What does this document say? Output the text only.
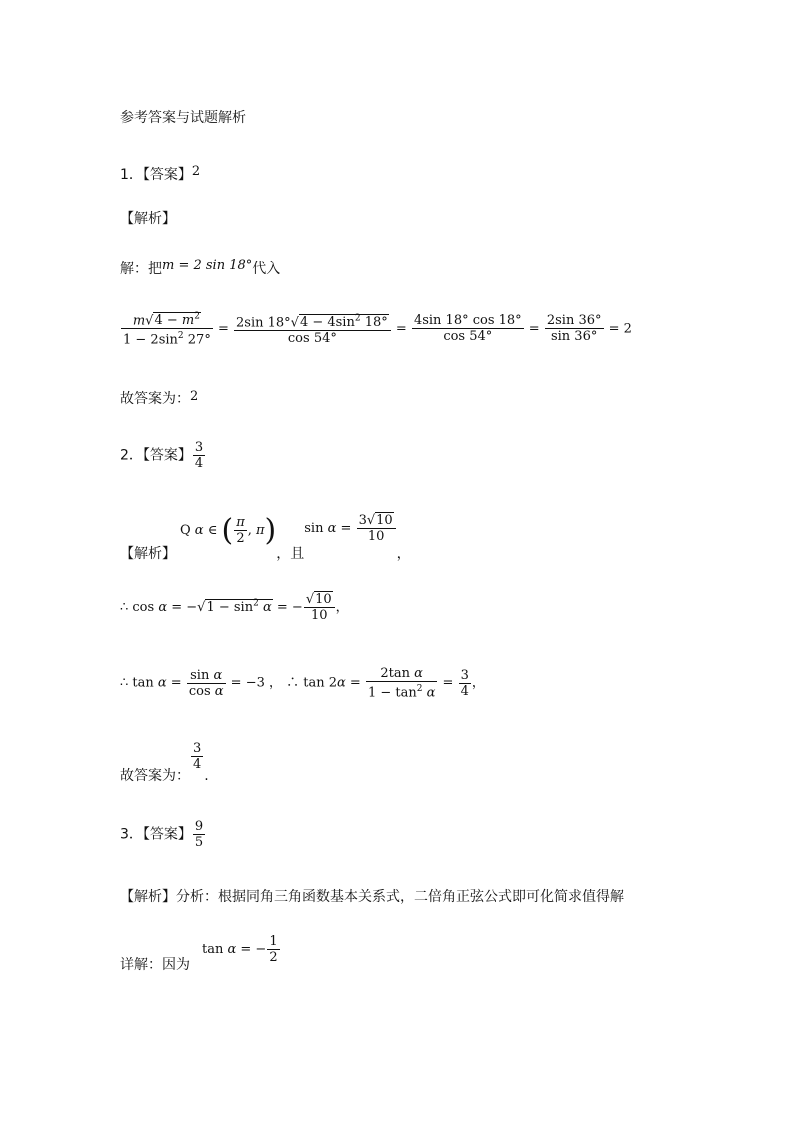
参考答案与试题解析
1．【答案】2
【解析】
解：把m = 2 sin 18°代入
$\frac{m√4 - m^2}{1 - 2\sin^2 27^\circ} = \frac{2\sin 18^\circ√4 - 4\sin^2 18^\circ}{\cos 54^\circ} = \frac{4\sin 18^\circ \cos 18^\circ}{\cos 54^\circ} = \frac{2\sin 36^\circ}{\sin 36^\circ} = 2$
故答案为：2
2．【答案】 $\frac{3}{4}$
【解析】Q α ∈ ( $\frac{\pi}{2}$ , π)，且$\sin \alpha = \frac{3√10}{10}$
，
∴ $\cos \alpha = -√1 - \sin^2 \alpha$ = − $\frac{√10}{10}$ ，
∴ $\tan \alpha = \frac{\text{sin α}}{\text{cos α}} = -3$ ， ∴ $\tan 2\alpha = \frac{\text{2tan α}}{1 - \tan^2 \alpha} = \frac{3}{4}$ ，
故答案为：
$\frac{3}{4}$
.
3．【答案】 $\frac{9}{5}$
【解析】分析：根据同角三角函数基本关系式，二倍角正弦公式即可化简求值得解
详解：因为tan α = − $\frac{1}{2}$
